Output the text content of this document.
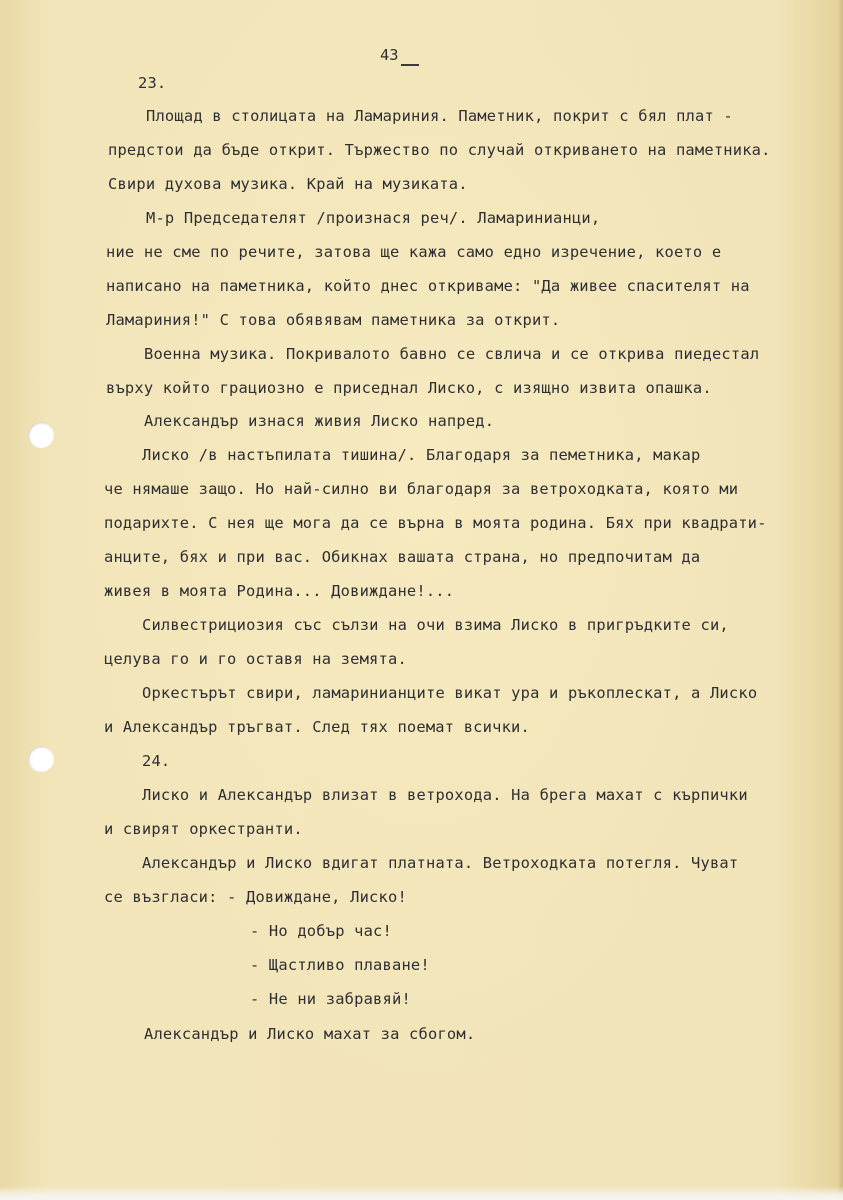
43
23.
Площад в столицата на Ламариния. Паметник, покрит с бял плат -
предстои да бъде открит. Тържество по случай откриването на паметника.
Свири духова музика. Край на музиката.
М-р Председателят /произнася реч/. Ламаринианци,
ние не сме по речите, затова ще кажа само едно изречение, което е
написано на паметника, който днес откриваме: "Да живее спасителят на
Ламариния!" С това обявявам паметника за открит.
Военна музика. Покривалото бавно се свлича и се открива пиедестал
върху който грациозно е приседнал Лиско, с изящно извита опашка.
Александър изнася живия Лиско напред.
Лиско /в настъпилата тишина/. Благодаря за пеметника, макар
че нямаше защо. Но най-силно ви благодаря за ветроходката, която ми
подарихте. С нея ще мога да се върна в моята родина. Бях при квадрати-
анците, бях и при вас. Обикнах вашата страна, но предпочитам да
живея в моята Родина... Довиждане!...
Силвестрициозия със сълзи на очи взима Лиско в пригръдките си,
целува го и го оставя на земята.
Оркестърът свири, ламаринианците викат ура и ръкоплескат, а Лиско
и Александър тръгват. След тях поемат всички.
24.
Лиско и Александър влизат в ветрохода. На брега махат с кърпички
и свирят оркестранти.
Александър и Лиско вдигат платната. Ветроходката потегля. Чуват
се възгласи: - Довиждане, Лиско!
- Но добър час!
- Щастливо плаване!
- Не ни забравяй!
Александър и Лиско махат за сбогом.
